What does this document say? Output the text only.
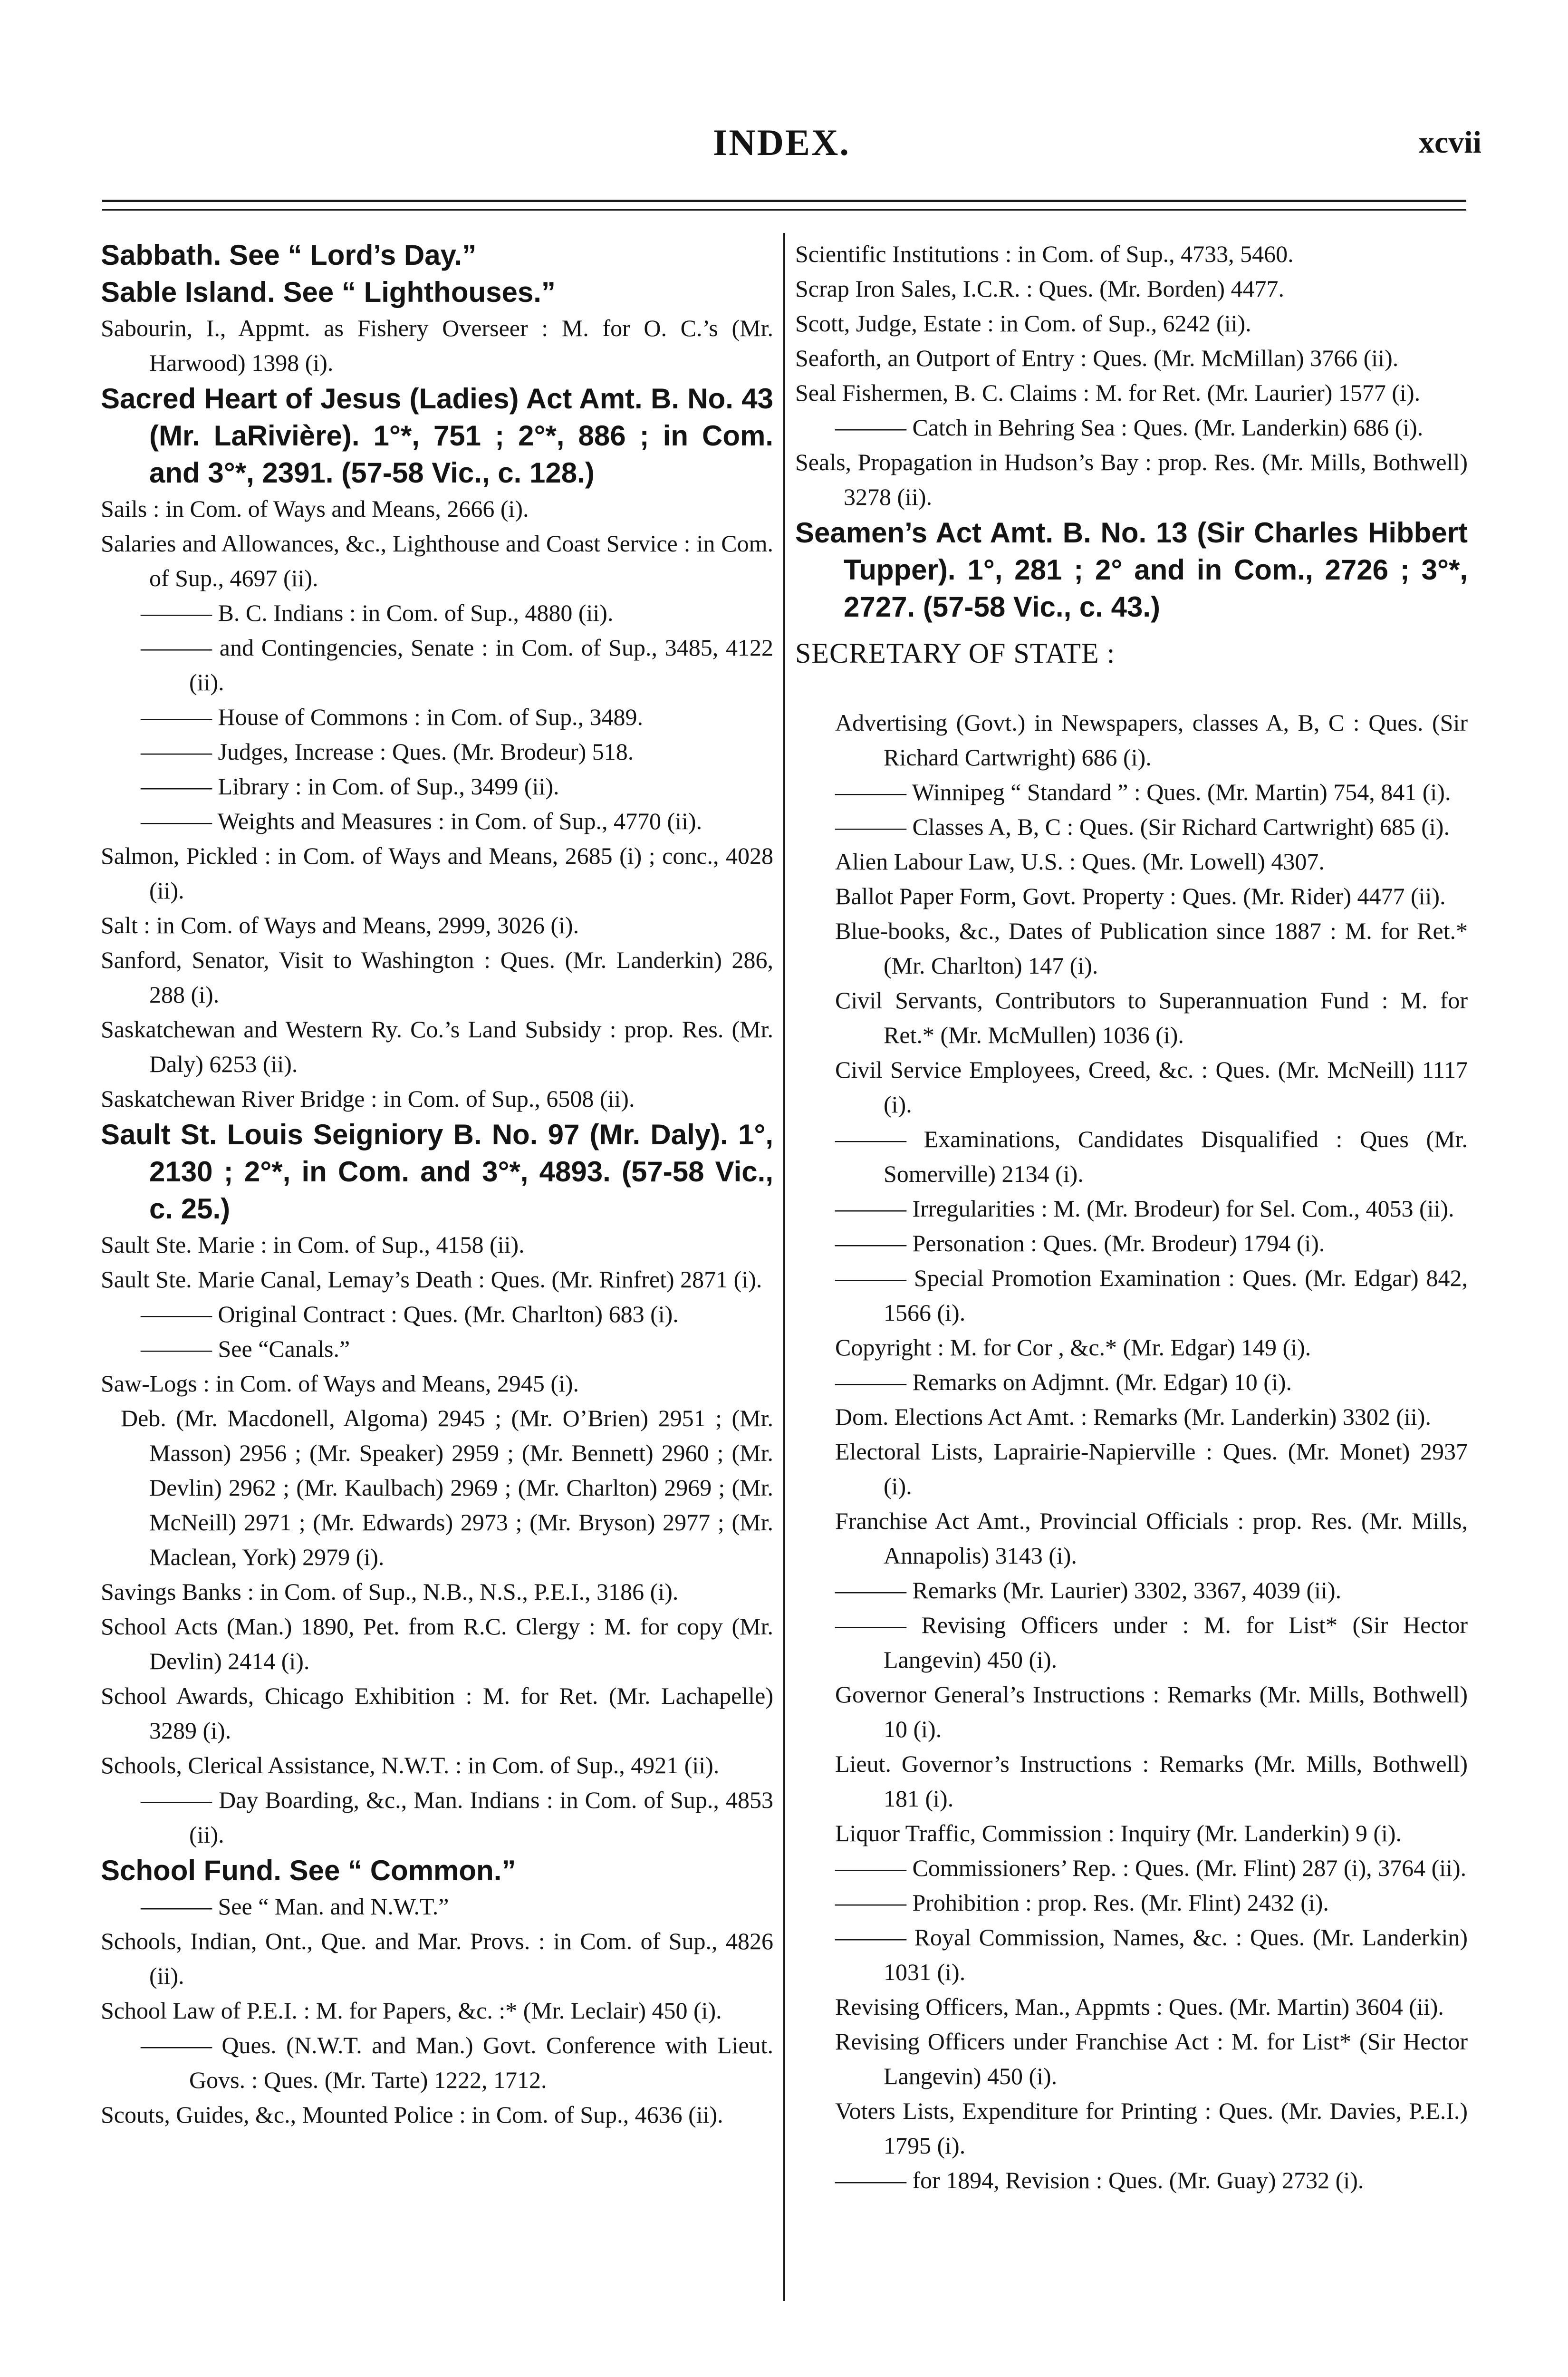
INDEX.	xcvii

Sabbath. See “ Lord’s Day.”

Sable Island. See “ Lighthouses.”

Sabourin, I., Appmt. as Fishery Overseer : M. for O. C.’s (Mr. Harwood) 1398 (i).

Sacred Heart of Jesus (Ladies) Act Amt. B. No. 43 (Mr. LaRivière). 1°*, 751 ; 2°*, 886 ; in Com. and 3°*, 2391. (57-58 Vic., c. 128.)

Sails : in Com. of Ways and Means, 2666 (i).

Salaries and Allowances, &c., Lighthouse and Coast Service : in Com. of Sup., 4697 (ii).

——— B. C. Indians : in Com. of Sup., 4880 (ii).

——— and Contingencies, Senate : in Com. of Sup., 3485, 4122 (ii).

——— House of Commons : in Com. of Sup., 3489.

——— Judges, Increase : Ques. (Mr. Brodeur) 518.

——— Library : in Com. of Sup., 3499 (ii).

——— Weights and Measures : in Com. of Sup., 4770 (ii).

Salmon, Pickled : in Com. of Ways and Means, 2685 (i) ; conc., 4028 (ii).

Salt : in Com. of Ways and Means, 2999, 3026 (i).

Sanford, Senator, Visit to Washington : Ques. (Mr. Landerkin) 286, 288 (i).

Saskatchewan and Western Ry. Co.’s Land Subsidy : prop. Res. (Mr. Daly) 6253 (ii).

Saskatchewan River Bridge : in Com. of Sup., 6508 (ii).

Sault St. Louis Seigniory B. No. 97 (Mr. Daly). 1°, 2130 ; 2°*, in Com. and 3°*, 4893. (57-58 Vic., c. 25.)

Sault Ste. Marie : in Com. of Sup., 4158 (ii).

Sault Ste. Marie Canal, Lemay’s Death : Ques. (Mr. Rinfret) 2871 (i).

——— Original Contract : Ques. (Mr. Charlton) 683 (i).

——— See “Canals.”

Saw-Logs : in Com. of Ways and Means, 2945 (i).

Deb. (Mr. Macdonell, Algoma) 2945 ; (Mr. O’Brien) 2951 ; (Mr. Masson) 2956 ; (Mr. Speaker) 2959 ; (Mr. Bennett) 2960 ; (Mr. Devlin) 2962 ; (Mr. Kaulbach) 2969 ; (Mr. Charlton) 2969 ; (Mr. McNeill) 2971 ; (Mr. Edwards) 2973 ; (Mr. Bryson) 2977 ; (Mr. Maclean, York) 2979 (i).

Savings Banks : in Com. of Sup., N.B., N.S., P.E.I., 3186 (i).

School Acts (Man.) 1890, Pet. from R.C. Clergy : M. for copy (Mr. Devlin) 2414 (i).

School Awards, Chicago Exhibition : M. for Ret. (Mr. Lachapelle) 3289 (i).

Schools, Clerical Assistance, N.W.T. : in Com. of Sup., 4921 (ii).

——— Day Boarding, &c., Man. Indians : in Com. of Sup., 4853 (ii).

School Fund. See “ Common.”

——— See “ Man. and N.W.T.”

Schools, Indian, Ont., Que. and Mar. Provs. : in Com. of Sup., 4826 (ii).

School Law of P.E.I. : M. for Papers, &c. :* (Mr. Leclair) 450 (i).

——— Ques. (N.W.T. and Man.) Govt. Conference with Lieut. Govs. : Ques. (Mr. Tarte) 1222, 1712.

Scouts, Guides, &c., Mounted Police : in Com. of Sup., 4636 (ii).

Scientific Institutions : in Com. of Sup., 4733, 5460.

Scrap Iron Sales, I.C.R. : Ques. (Mr. Borden) 4477.

Scott, Judge, Estate : in Com. of Sup., 6242 (ii).

Seaforth, an Outport of Entry : Ques. (Mr. McMillan) 3766 (ii).

Seal Fishermen, B. C. Claims : M. for Ret. (Mr. Laurier) 1577 (i).

——— Catch in Behring Sea : Ques. (Mr. Landerkin) 686 (i).

Seals, Propagation in Hudson’s Bay : prop. Res. (Mr. Mills, Bothwell) 3278 (ii).

Seamen’s Act Amt. B. No. 13 (Sir Charles Hibbert Tupper). 1°, 281 ; 2° and in Com., 2726 ; 3°*, 2727. (57-58 Vic., c. 43.)

SECRETARY OF STATE :

Advertising (Govt.) in Newspapers, classes A, B, C : Ques. (Sir Richard Cartwright) 686 (i).

——— Winnipeg “ Standard ” : Ques. (Mr. Martin) 754, 841 (i).

——— Classes A, B, C : Ques. (Sir Richard Cartwright) 685 (i).

Alien Labour Law, U.S. : Ques. (Mr. Lowell) 4307.

Ballot Paper Form, Govt. Property : Ques. (Mr. Rider) 4477 (ii).

Blue-books, &c., Dates of Publication since 1887 : M. for Ret.* (Mr. Charlton) 147 (i).

Civil Servants, Contributors to Superannuation Fund : M. for Ret.* (Mr. McMullen) 1036 (i).

Civil Service Employees, Creed, &c. : Ques. (Mr. McNeill) 1117 (i).

——— Examinations, Candidates Disqualified : Ques (Mr. Somerville) 2134 (i).

——— Irregularities : M. (Mr. Brodeur) for Sel. Com., 4053 (ii).

——— Personation : Ques. (Mr. Brodeur) 1794 (i).

——— Special Promotion Examination : Ques. (Mr. Edgar) 842, 1566 (i).

Copyright : M. for Cor , &c.* (Mr. Edgar) 149 (i).

——— Remarks on Adjmnt. (Mr. Edgar) 10 (i).

Dom. Elections Act Amt. : Remarks (Mr. Landerkin) 3302 (ii).

Electoral Lists, Laprairie-Napierville : Ques. (Mr. Monet) 2937 (i).

Franchise Act Amt., Provincial Officials : prop. Res. (Mr. Mills, Annapolis) 3143 (i).

——— Remarks (Mr. Laurier) 3302, 3367, 4039 (ii).

——— Revising Officers under : M. for List* (Sir Hector Langevin) 450 (i).

Governor General’s Instructions : Remarks (Mr. Mills, Bothwell) 10 (i).

Lieut. Governor’s Instructions : Remarks (Mr. Mills, Bothwell) 181 (i).

Liquor Traffic, Commission : Inquiry (Mr. Landerkin) 9 (i).

——— Commissioners’ Rep. : Ques. (Mr. Flint) 287 (i), 3764 (ii).

——— Prohibition : prop. Res. (Mr. Flint) 2432 (i).

——— Royal Commission, Names, &c. : Ques. (Mr. Landerkin) 1031 (i).

Revising Officers, Man., Appmts : Ques. (Mr. Martin) 3604 (ii).

Revising Officers under Franchise Act : M. for List* (Sir Hector Langevin) 450 (i).

Voters Lists, Expenditure for Printing : Ques. (Mr. Davies, P.E.I.) 1795 (i).

——— for 1894, Revision : Ques. (Mr. Guay) 2732 (i).
